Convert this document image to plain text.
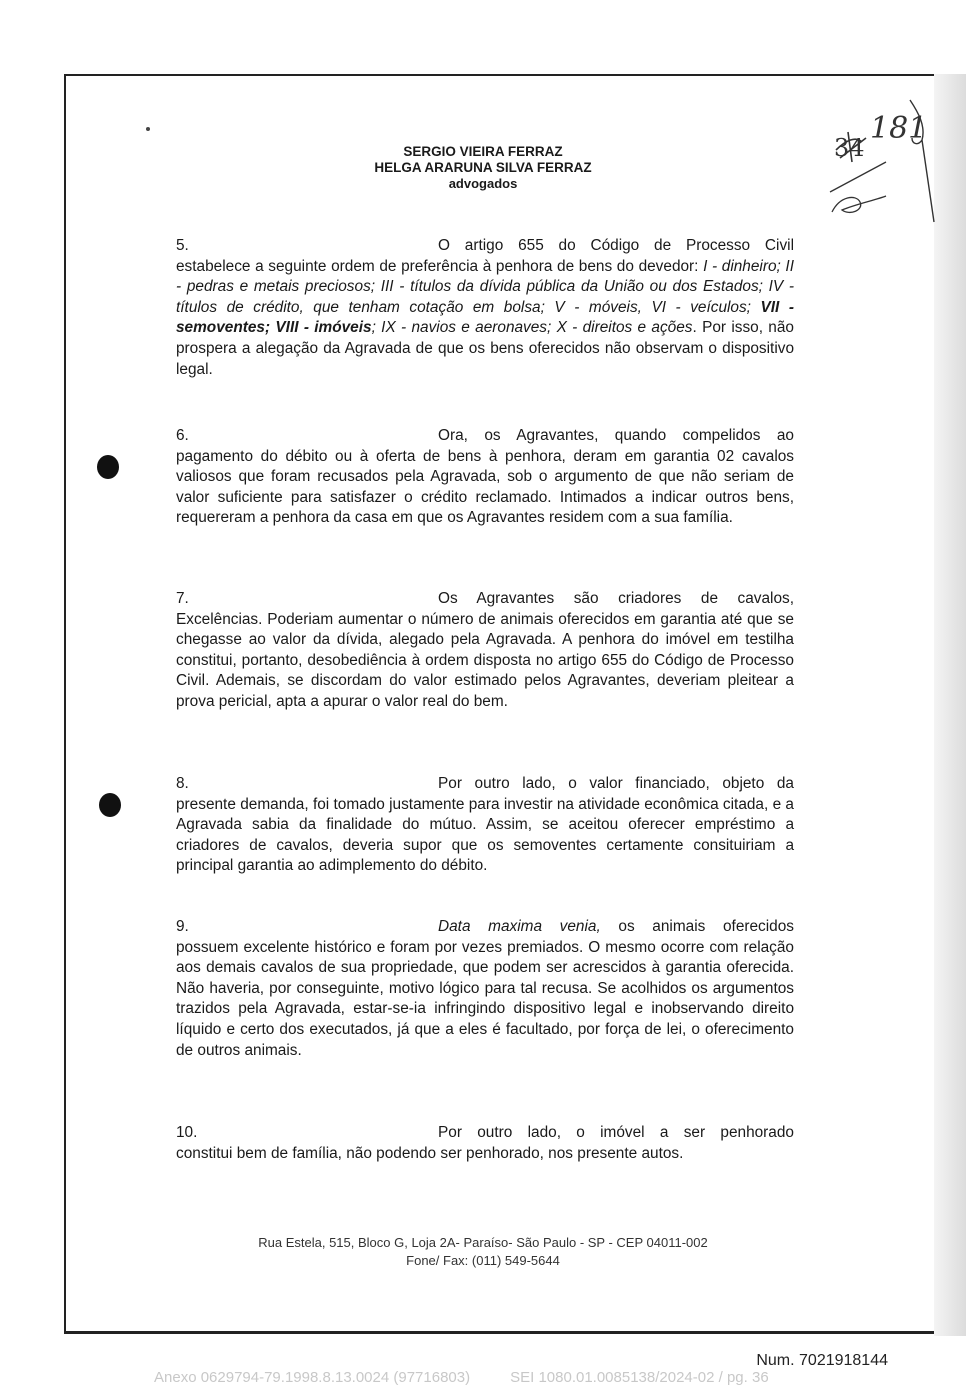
34
181
SERGIO VIEIRA FERRAZ
HELGA ARARUNA SILVA FERRAZ
advogados
5.	O artigo 655 do Código de Processo Civil
estabelece a seguinte ordem de preferência à penhora de bens do devedor: I - dinheiro; II - pedras e metais preciosos; III - títulos da dívida pública da União ou dos Estados; IV - títulos de crédito, que tenham cotação em bolsa; V - móveis, VI - veículos; VII - semoventes; VIII - imóveis; IX - navios e aeronaves; X - direitos e ações. Por isso, não prospera a alegação da Agravada de que os bens oferecidos não observam o dispositivo legal.
6.	Ora, os Agravantes, quando compelidos ao
pagamento do débito ou à oferta de bens à penhora, deram em garantia 02 cavalos valiosos que foram recusados pela Agravada, sob o argumento de que não seriam de valor suficiente para satisfazer o crédito reclamado. Intimados a indicar outros bens, requereram a penhora da casa em que os Agravantes residem com a sua família.
7.	Os Agravantes são criadores de cavalos,
Excelências. Poderiam aumentar o número de animais oferecidos em garantia até que se chegasse ao valor da dívida, alegado pela Agravada. A penhora do imóvel em testilha constitui, portanto, desobediência à ordem disposta no artigo 655 do Código de Processo Civil. Ademais, se discordam do valor estimado pelos Agravantes, deveriam pleitear a prova pericial, apta a apurar o valor real do bem.
8.	Por outro lado, o valor financiado, objeto da
presente demanda, foi tomado justamente para investir na atividade econômica citada, e a Agravada sabia da finalidade do mútuo. Assim, se aceitou oferecer empréstimo a criadores de cavalos, deveria supor que os semoventes certamente consituiriam a principal garantia ao adimplemento do débito.
9.	Data maxima venia, os animais oferecidos
possuem excelente histórico e foram por vezes premiados. O mesmo ocorre com relação aos demais cavalos de sua propriedade, que podem ser acrescidos à garantia oferecida. Não haveria, por conseguinte, motivo lógico para tal recusa. Se acolhidos os argumentos trazidos pela Agravada, estar-se-ia infringindo dispositivo legal e inobservando direito líquido e certo dos executados, já que a eles é facultado, por força de lei, o oferecimento de outros animais.
10.	Por outro lado, o imóvel a ser penhorado
constitui bem de família, não podendo ser penhorado, nos presente autos.
Rua Estela, 515, Bloco G, Loja 2A- Paraíso- São Paulo - SP - CEP 04011-002
Fone/ Fax: (011) 549-5644
Num. 7021918144
Anexo 0629794-79.1998.8.13.0024 (97716803)	SEI 1080.01.0085138/2024-02 / pg. 36
